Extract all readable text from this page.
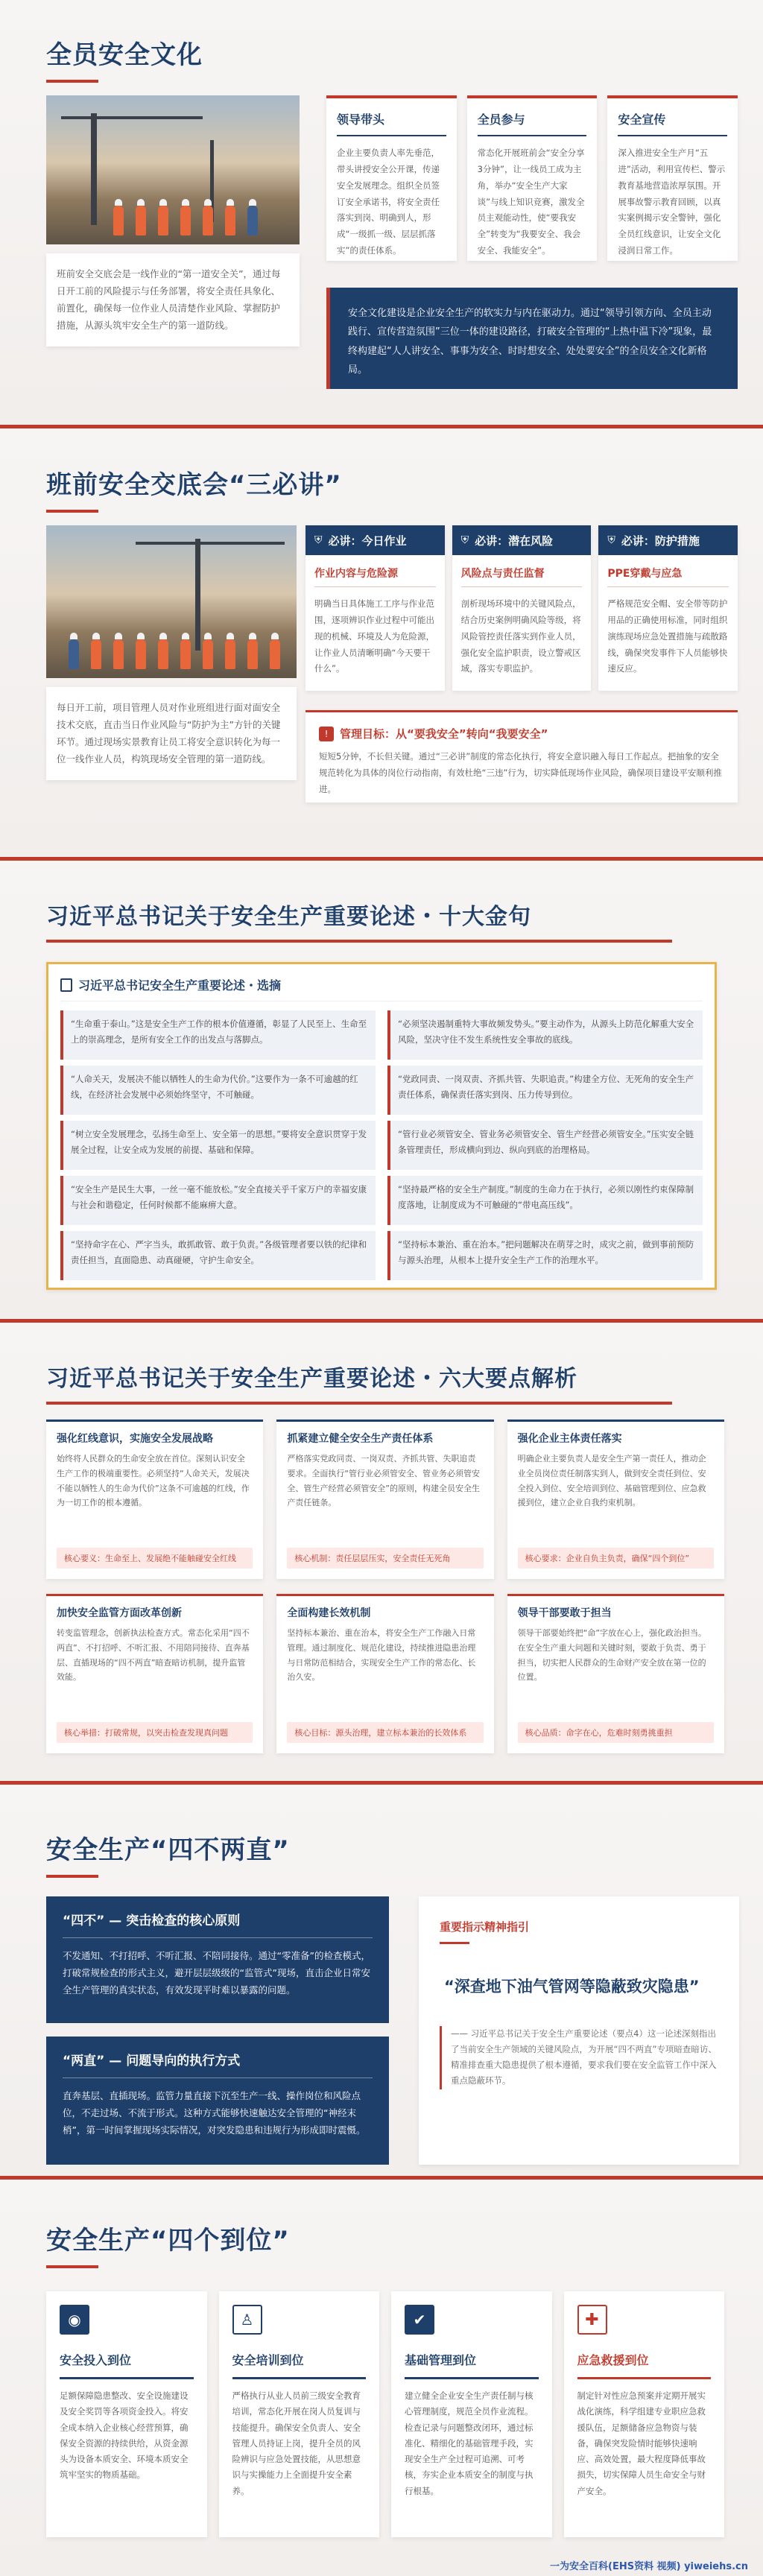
全员安全文化

班前安全交底会是一线作业的“第一道安全关”，通过每日开工前的风险提示与任务部署，将安全责任具象化、前置化，确保每一位作业人员清楚作业风险、掌握防护措施，从源头筑牢安全生产的第一道防线。

领导带头

企业主要负责人率先垂范，带头讲授安全公开课，传递安全发展理念。组织全员签订安全承诺书，将安全责任落实到岗、明确到人，形成“一级抓一级、层层抓落实”的责任体系。

全员参与

常态化开展班前会“安全分享3分钟”，让一线员工成为主角，举办“安全生产大家谈”与线上知识竞赛，激发全员主观能动性，使“要我安全”转变为“我要安全、我会安全、我能安全”。

安全宣传

深入推进安全生产月“五进”活动，利用宣传栏、警示教育基地营造浓厚氛围。开展事故警示教育回顾，以真实案例揭示安全警钟，强化全员红线意识，让安全文化浸润日常工作。

安全文化建设是企业安全生产的软实力与内在驱动力。通过“领导引领方向、全员主动践行、宣传营造氛围”三位一体的建设路径，打破安全管理的“上热中温下冷”现象，最终构建起“人人讲安全、事事为安全、时时想安全、处处要安全”的全员安全文化新格局。

班前安全交底会“三必讲”

每日开工前，项目管理人员对作业班组进行面对面安全技术交底，直击当日作业风险与“防护为主”方针的关键环节。通过现场实景教育让员工将安全意识转化为每一位一线作业人员，构筑现场安全管理的第一道防线。

⛨ 必讲：今日作业
作业内容与危险源

明确当日具体施工工序与作业范围，逐项辨识作业过程中可能出现的机械、环境及人为危险源，让作业人员清晰明确“今天要干什么”。

⛨ 必讲：潜在风险
风险点与责任监督

剖析现场环境中的关键风险点，结合历史案例明确风险等级，将风险管控责任落实到作业人员，强化安全监护职责，设立警戒区域，落实专职监护。

⛨ 必讲：防护措施
PPE穿戴与应急

严格规范安全帽、安全带等防护用品的正确使用标准，同时组织演练现场应急处置措施与疏散路线，确保突发事件下人员能够快速反应。

!	管理目标：从“要我安全”转向“我要安全”

短短5分钟，不长但关键。通过“三必讲”制度的常态化执行，将安全意识融入每日工作起点。把抽象的安全规范转化为具体的岗位行动指南，有效杜绝“三违”行为，切实降低现场作业风险，确保项目建设平安顺利推进。

习近平总书记关于安全生产重要论述・十大金句
习近平总书记安全生产重要论述・选摘

“生命重于泰山。”这是安全生产工作的根本价值遵循，彰显了人民至上、生命至上的崇高理念，是所有安全工作的出发点与落脚点。

“必须坚决遏制重特大事故频发势头。”要主动作为，从源头上防范化解重大安全风险，坚决守住不发生系统性安全事故的底线。

“人命关天，发展决不能以牺牲人的生命为代价。”这要作为一条不可逾越的红线，在经济社会发展中必须始终坚守，不可触碰。

“党政同责、一岗双责、齐抓共管、失职追责。”构建全方位、无死角的安全生产责任体系，确保责任落实到岗、压力传导到位。

“树立安全发展理念，弘扬生命至上、安全第一的思想。”要将安全意识贯穿于发展全过程，让安全成为发展的前提、基础和保障。

“管行业必须管安全、管业务必须管安全、管生产经营必须管安全。”压实安全链条管理责任，形成横向到边、纵向到底的治理格局。

“安全生产是民生大事，一丝一毫不能放松。”安全直接关乎千家万户的幸福安康与社会和谐稳定，任何时候都不能麻痹大意。

“坚持最严格的安全生产制度。”制度的生命力在于执行，必须以刚性约束保障制度落地，让制度成为不可触碰的“带电高压线”。

“坚持命字在心、严字当头，敢抓敢管、敢于负责。”各级管理者要以铁的纪律和责任担当，直面隐患、动真碰硬，守护生命安全。

“坚持标本兼治、重在治本。”把问题解决在萌芽之时，成灾之前，做到事前预防与源头治理，从根本上提升安全生产工作的治理水平。

习近平总书记关于安全生产重要论述・六大要点解析
强化红线意识，实施安全发展战略

始终将人民群众的生命安全放在首位。深刻认识安全生产工作的极端重要性。必须坚持“人命关天，发展决不能以牺牲人的生命为代价”这条不可逾越的红线，作为一切工作的根本遵循。

核心要义：生命至上、发展绝不能触碰安全红线
抓紧建立健全安全生产责任体系

严格落实党政同责、一岗双责、齐抓共管、失职追责要求。全面执行“管行业必须管安全、管业务必须管安全、管生产经营必须管安全”的原则，构建全员安全生产责任链条。

核心机制：责任层层压实，安全责任无死角
强化企业主体责任落实

明确企业主要负责人是安全生产第一责任人，推动企业全员岗位责任制落实到人，做到安全责任到位、安全投入到位、安全培训到位、基础管理到位、应急救援到位，建立企业自我约束机制。

核心要求：企业自负主负责，确保“四个到位”
加快安全监管方面改革创新

转变监管理念，创新执法检查方式。常态化采用“四不两直”、不打招呼、不听汇报、不用陪同接待、直奔基层、直插现场的“四不两直”暗查暗访机制，提升监管效能。

核心举措：打破常规，以突击检查发现真问题
全面构建长效机制

坚持标本兼治、重在治本，将安全生产工作融入日常管理。通过制度化、规范化建设，持续推进隐患治理与日常防范相结合，实现安全生产工作的常态化、长治久安。

核心目标：源头治理，建立标本兼治的长效体系
领导干部要敢于担当

领导干部要始终把“命”字放在心上，强化政治担当。在安全生产重大问题和关键时刻，要敢于负责、勇于担当，切实把人民群众的生命财产安全放在第一位的位置。

核心品质：命字在心，危难时刻勇挑重担
安全生产“四不两直”
“四不” — 突击检查的核心原则

不发通知、不打招呼、不听汇报、不陪同接待。通过“零准备”的检查模式，打破常规检查的形式主义，避开层层级级的“监管式”现场，直击企业日常安全生产管理的真实状态，有效发现平时难以暴露的问题。

“两直” — 问题导向的执行方式

直奔基层、直插现场。监管力量直接下沉至生产一线、操作岗位和风险点位，不走过场、不流于形式。这种方式能够快速触达安全管理的“神经末梢”，第一时间掌握现场实际情况，对突发隐患和违规行为形成即时震慑。

重要指示精神指引
“深查地下油气管网等隐蔽致灾隐患”

—— 习近平总书记关于安全生产重要论述（要点4）这一论述深刻指出了当前安全生产领域的关键风险点，为开展“四不两直”专项暗查暗访、精准排查重大隐患提供了根本遵循，要求我们要在安全监管工作中深入重点隐蔽环节。

安全生产“四个到位”
◉
安全投入到位

足额保障隐患整改、安全设施建设及安全奖罚等各项资金投入。将安全成本纳入企业核心经营预算，确保安全资源的持续供给，从资金源头为设备本质安全、环境本质安全筑牢坚实的物质基础。

♙
安全培训到位

严格执行从业人员前三级安全教育培训，常态化开展在岗人员复训与技能提升。确保安全负责人、安全管理人员持证上岗，提升全员的风险辨识与应急处置技能，从思想意识与实操能力上全面提升安全素养。

✔
基础管理到位

建立健全企业安全生产责任制与核心管理制度，规范全员作业流程。检查记录与问题整改闭环，通过标准化、精细化的基础管理手段，实现安全生产全过程可追溯、可考核，夯实企业本质安全的制度与执行根基。

✚
应急救援到位

制定针对性应急预案并定期开展实战化演练，科学组建专业职应急救援队伍，足额储备应急物资与装备，确保突发险情时能够快速响应、高效处置，最大程度降低事故损失，切实保障人员生命安全与财产安全。

一为安全百科(EHS资料 视频) yiweiehs.cn
